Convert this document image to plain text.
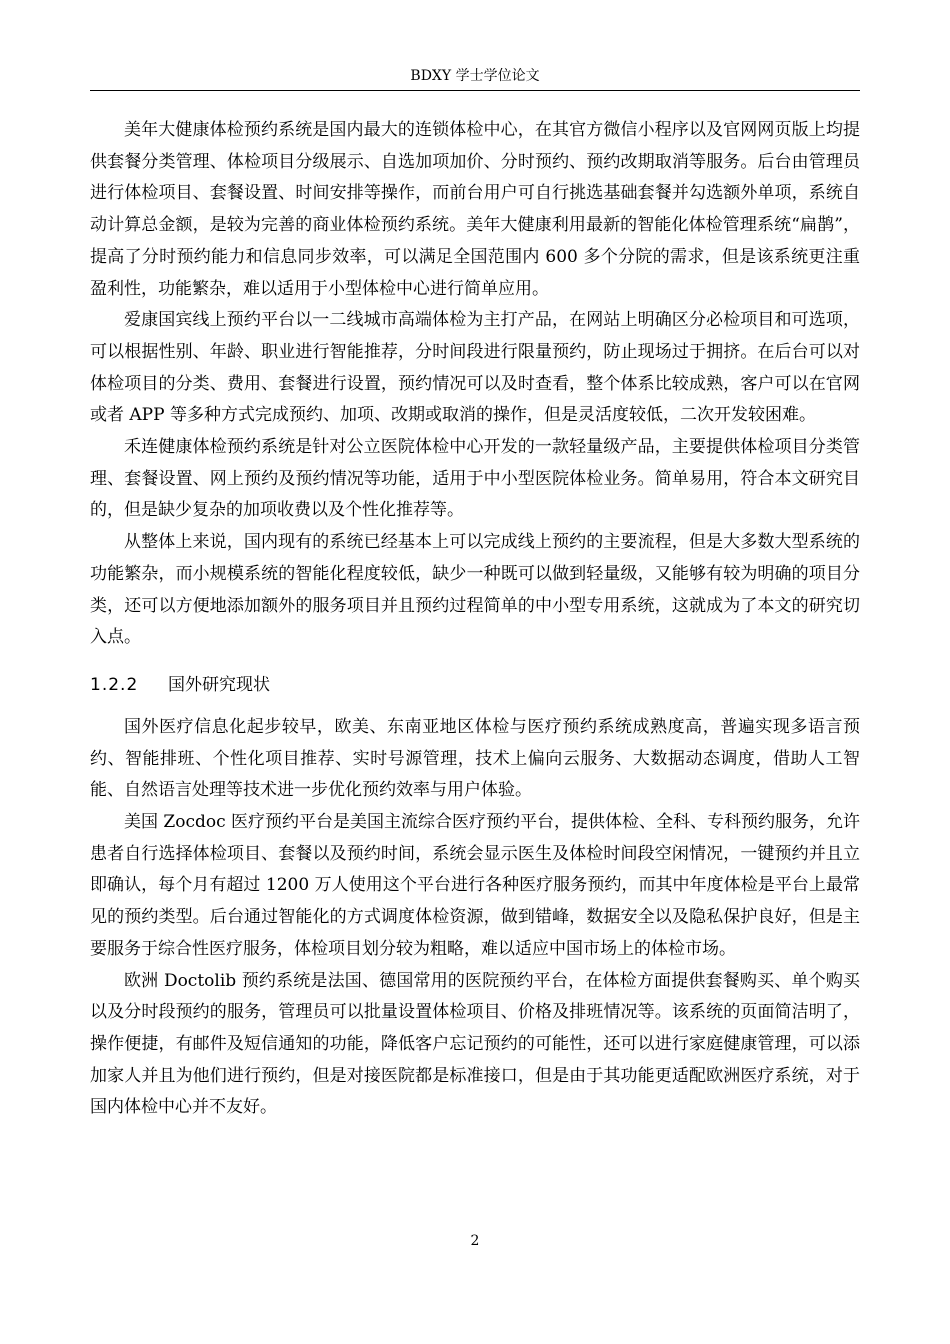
BDXY 学士学位论文

美年大健康体检预约系统是国内最大的连锁体检中心，在其官方微信小程序以及官网网页版上均提供套餐分类管理、体检项目分级展示、自选加项加价、分时预约、预约改期取消等服务。后台由管理员进行体检项目、套餐设置、时间安排等操作，而前台用户可自行挑选基础套餐并勾选额外单项，系统自动计算总金额，是较为完善的商业体检预约系统。美年大健康利用最新的智能化体检管理系统“扁鹊”，提高了分时预约能力和信息同步效率，可以满足全国范围内 600 多个分院的需求，但是该系统更注重盈利性，功能繁杂，难以适用于小型体检中心进行简单应用。

爱康国宾线上预约平台以一二线城市高端体检为主打产品，在网站上明确区分必检项目和可选项，可以根据性别、年龄、职业进行智能推荐，分时间段进行限量预约，防止现场过于拥挤。在后台可以对体检项目的分类、费用、套餐进行设置，预约情况可以及时查看，整个体系比较成熟，客户可以在官网或者 APP 等多种方式完成预约、加项、改期或取消的操作，但是灵活度较低，二次开发较困难。

禾连健康体检预约系统是针对公立医院体检中心开发的一款轻量级产品，主要提供体检项目分类管理、套餐设置、网上预约及预约情况等功能，适用于中小型医院体检业务。简单易用，符合本文研究目的，但是缺少复杂的加项收费以及个性化推荐等。

从整体上来说，国内现有的系统已经基本上可以完成线上预约的主要流程，但是大多数大型系统的功能繁杂，而小规模系统的智能化程度较低，缺少一种既可以做到轻量级，又能够有较为明确的项目分类，还可以方便地添加额外的服务项目并且预约过程简单的中小型专用系统，这就成为了本文的研究切入点。

1.2.2 国外研究现状

国外医疗信息化起步较早，欧美、东南亚地区体检与医疗预约系统成熟度高，普遍实现多语言预约、智能排班、个性化项目推荐、实时号源管理，技术上偏向云服务、大数据动态调度，借助人工智能、自然语言处理等技术进一步优化预约效率与用户体验。

美国 Zocdoc 医疗预约平台是美国主流综合医疗预约平台，提供体检、全科、专科预约服务，允许患者自行选择体检项目、套餐以及预约时间，系统会显示医生及体检时间段空闲情况，一键预约并且立即确认，每个月有超过 1200 万人使用这个平台进行各种医疗服务预约，而其中年度体检是平台上最常见的预约类型。后台通过智能化的方式调度体检资源，做到错峰，数据安全以及隐私保护良好，但是主要服务于综合性医疗服务，体检项目划分较为粗略，难以适应中国市场上的体检市场。

欧洲 Doctolib 预约系统是法国、德国常用的医院预约平台，在体检方面提供套餐购买、单个购买以及分时段预约的服务，管理员可以批量设置体检项目、价格及排班情况等。该系统的页面简洁明了，操作便捷，有邮件及短信通知的功能，降低客户忘记预约的可能性，还可以进行家庭健康管理，可以添加家人并且为他们进行预约，但是对接医院都是标准接口，但是由于其功能更适配欧洲医疗系统，对于国内体检中心并不友好。

2
